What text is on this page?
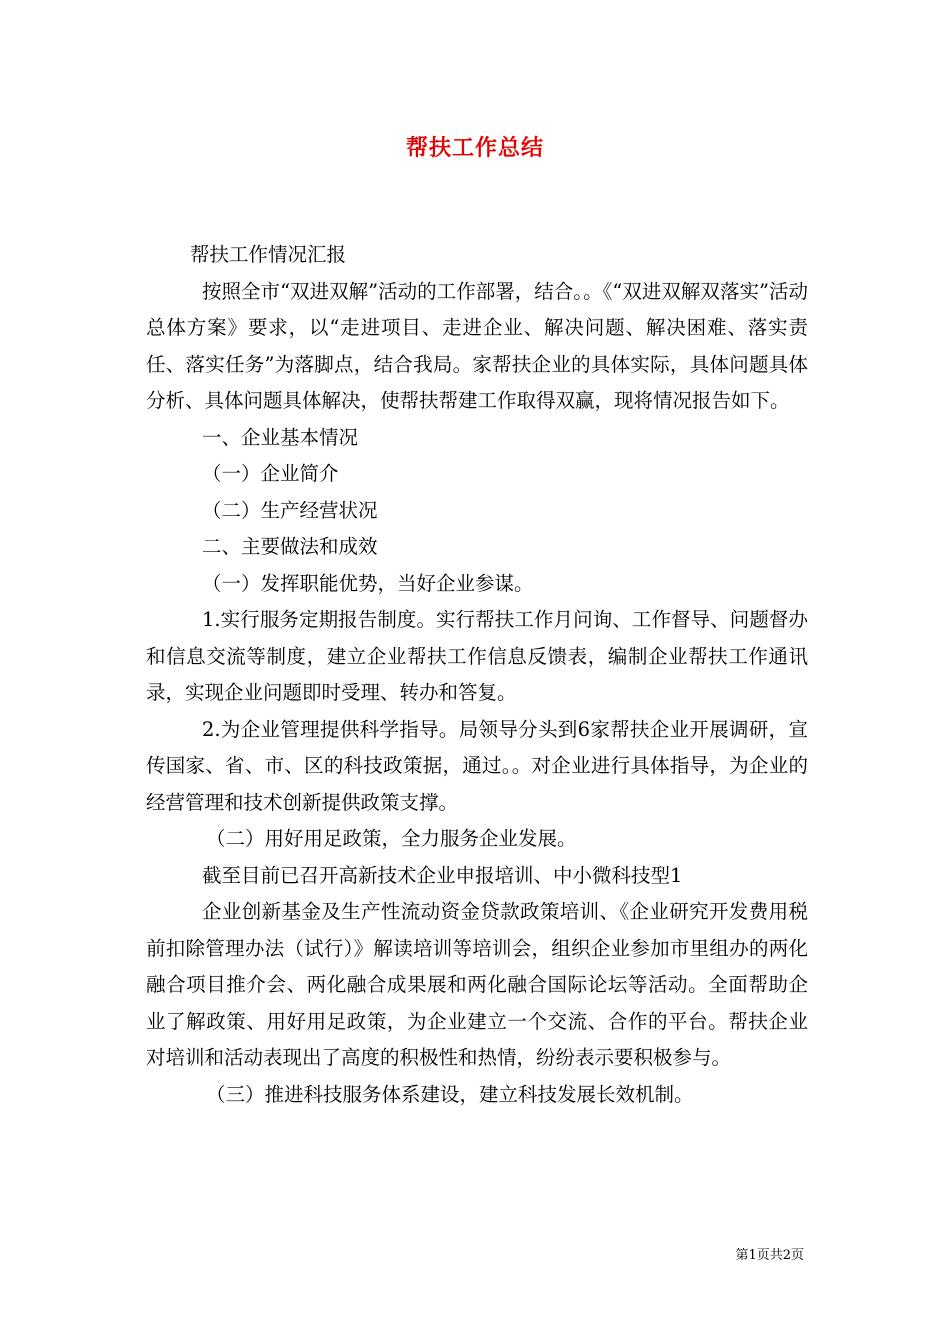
帮扶工作总结

帮扶工作情况汇报

按照全市“双进双解”活动的工作部署，结合。。《“双进双解双落实”活动总体方案》要求，以“走进项目、走进企业、解决问题、解决困难、落实责任、落实任务”为落脚点，结合我局。家帮扶企业的具体实际，具体问题具体分析、具体问题具体解决，使帮扶帮建工作取得双赢，现将情况报告如下。

一、企业基本情况

（一）企业简介

（二）生产经营状况

二、主要做法和成效

（一）发挥职能优势，当好企业参谋。

1.实行服务定期报告制度。实行帮扶工作月问询、工作督导、问题督办和信息交流等制度，建立企业帮扶工作信息反馈表，编制企业帮扶工作通讯录，实现企业问题即时受理、转办和答复。

2.为企业管理提供科学指导。局领导分头到6家帮扶企业开展调研，宣传国家、省、市、区的科技政策据，通过。。对企业进行具体指导，为企业的经营管理和技术创新提供政策支撑。

（二）用好用足政策，全力服务企业发展。

截至目前已召开高新技术企业申报培训、中小微科技型1

企业创新基金及生产性流动资金贷款政策培训、《企业研究开发费用税前扣除管理办法（试行）》解读培训等培训会，组织企业参加市里组办的两化融合项目推介会、两化融合成果展和两化融合国际论坛等活动。全面帮助企业了解政策、用好用足政策，为企业建立一个交流、合作的平台。帮扶企业对培训和活动表现出了高度的积极性和热情，纷纷表示要积极参与。

（三）推进科技服务体系建设，建立科技发展长效机制。

第1页共2页
